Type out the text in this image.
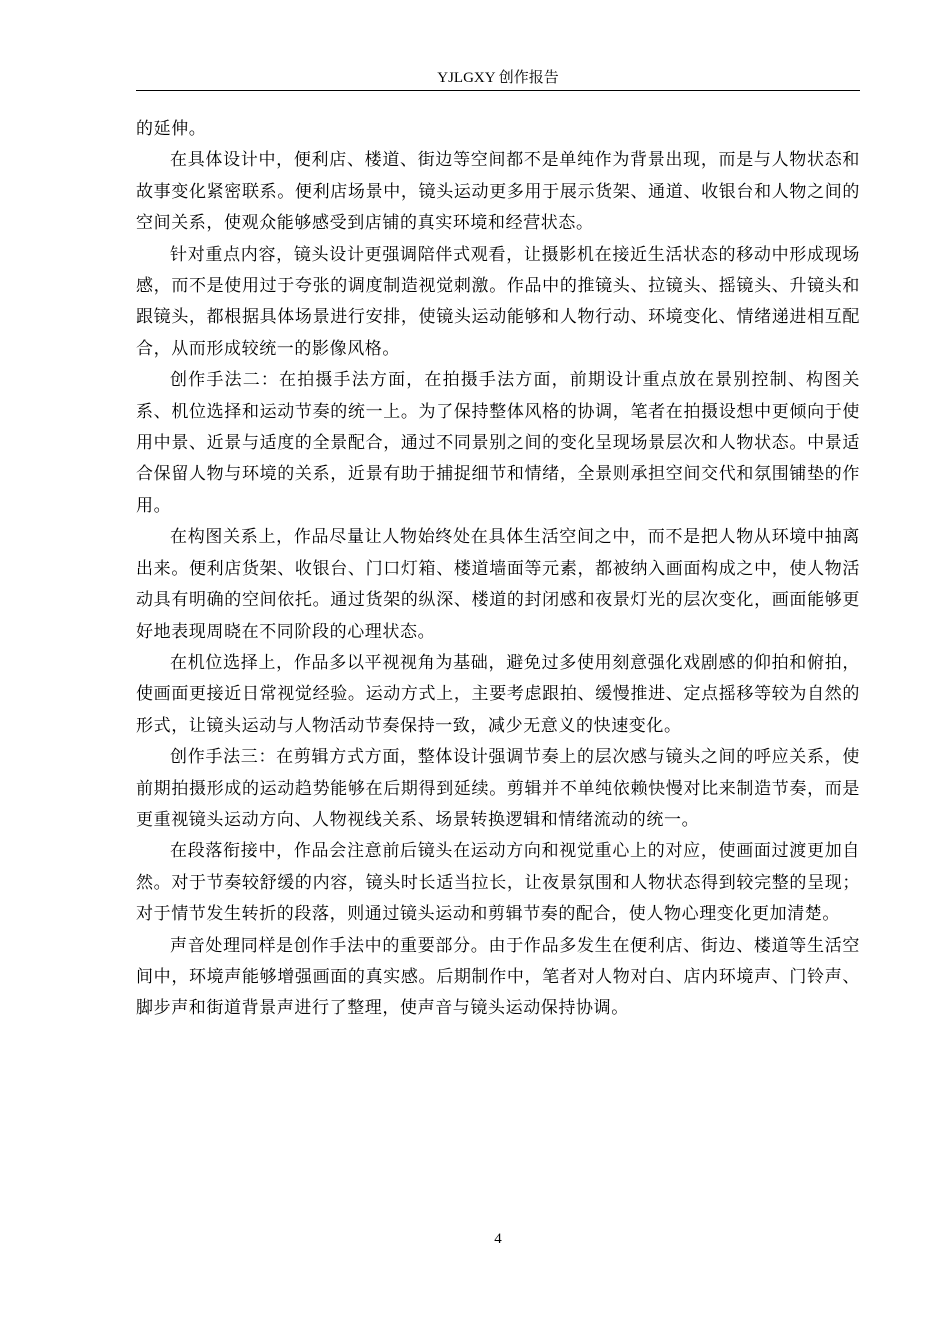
YJLGXY 创作报告

的延伸。

在具体设计中，便利店、楼道、街边等空间都不是单纯作为背景出现，而是与人物状态和故事变化紧密联系。便利店场景中，镜头运动更多用于展示货架、通道、收银台和人物之间的空间关系，使观众能够感受到店铺的真实环境和经营状态。

针对重点内容，镜头设计更强调陪伴式观看，让摄影机在接近生活状态的移动中形成现场感，而不是使用过于夸张的调度制造视觉刺激。作品中的推镜头、拉镜头、摇镜头、升镜头和跟镜头，都根据具体场景进行安排，使镜头运动能够和人物行动、环境变化、情绪递进相互配合，从而形成较统一的影像风格。

创作手法二：在拍摄手法方面，在拍摄手法方面，前期设计重点放在景别控制、构图关系、机位选择和运动节奏的统一上。为了保持整体风格的协调，笔者在拍摄设想中更倾向于使用中景、近景与适度的全景配合，通过不同景别之间的变化呈现场景层次和人物状态。中景适合保留人物与环境的关系，近景有助于捕捉细节和情绪，全景则承担空间交代和氛围铺垫的作用。

在构图关系上，作品尽量让人物始终处在具体生活空间之中，而不是把人物从环境中抽离出来。便利店货架、收银台、门口灯箱、楼道墙面等元素，都被纳入画面构成之中，使人物活动具有明确的空间依托。通过货架的纵深、楼道的封闭感和夜景灯光的层次变化，画面能够更好地表现周晓在不同阶段的心理状态。

在机位选择上，作品多以平视视角为基础，避免过多使用刻意强化戏剧感的仰拍和俯拍，使画面更接近日常视觉经验。运动方式上，主要考虑跟拍、缓慢推进、定点摇移等较为自然的形式，让镜头运动与人物活动节奏保持一致，减少无意义的快速变化。

创作手法三：在剪辑方式方面，整体设计强调节奏上的层次感与镜头之间的呼应关系，使前期拍摄形成的运动趋势能够在后期得到延续。剪辑并不单纯依赖快慢对比来制造节奏，而是更重视镜头运动方向、人物视线关系、场景转换逻辑和情绪流动的统一。

在段落衔接中，作品会注意前后镜头在运动方向和视觉重心上的对应，使画面过渡更加自然。对于节奏较舒缓的内容，镜头时长适当拉长，让夜景氛围和人物状态得到较完整的呈现；对于情节发生转折的段落，则通过镜头运动和剪辑节奏的配合，使人物心理变化更加清楚。

声音处理同样是创作手法中的重要部分。由于作品多发生在便利店、街边、楼道等生活空间中，环境声能够增强画面的真实感。后期制作中，笔者对人物对白、店内环境声、门铃声、脚步声和街道背景声进行了整理，使声音与镜头运动保持协调。

4
